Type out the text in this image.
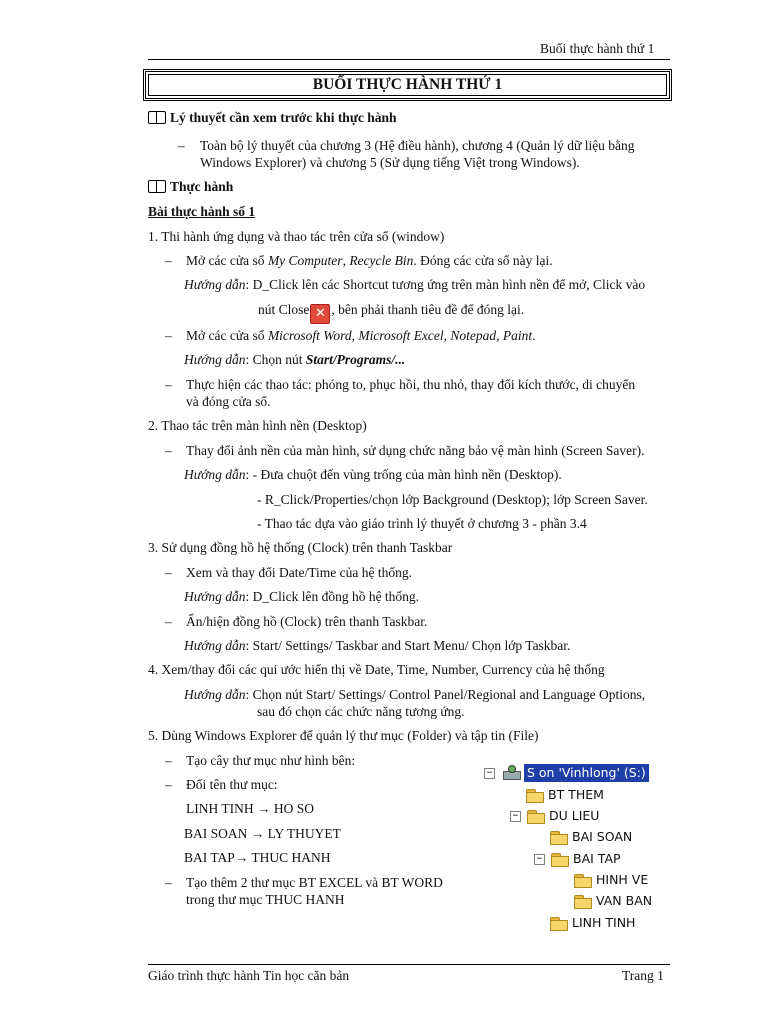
Buổi thực hành thứ 1
BUỔI THỰC HÀNH THỨ 1
Lý thuyết cần xem trước khi thực hành
– Toàn bộ lý thuyết của chương 3 (Hệ điều hành), chương 4 (Quản lý dữ liệu bằng
Windows Explorer) và chương 5 (Sử dụng tiếng Việt trong Windows).
Thực hành
Bài thực hành số 1
1. Thi hành ứng dụng và thao tác trên cửa sổ (window)
– Mở các cửa sổ My Computer, Recycle Bin. Đóng các cửa sổ này lại.
Hướng dẫn: D_Click lên các Shortcut tương ứng trên màn hình nền để mở, Click vào
nút Close ✕ , bên phải thanh tiêu đề để đóng lại.
– Mở các cửa sổ Microsoft Word, Microsoft Excel, Notepad, Paint.
Hướng dẫn: Chọn nút Start/Programs/...
– Thực hiện các thao tác: phóng to, phục hồi, thu nhỏ, thay đổi kích thước, di chuyển
và đóng cửa sổ.
2. Thao tác trên màn hình nền (Desktop)
– Thay đổi ảnh nền của màn hình, sử dụng chức năng bảo vệ màn hình (Screen Saver).
Hướng dẫn: - Đưa chuột đến vùng trống của màn hình nền (Desktop).
- R_Click/Properties/chọn lớp Background (Desktop); lớp Screen Saver.
- Thao tác dựa vào giáo trình lý thuyết ở chương 3 - phần 3.4
3. Sử dụng đồng hồ hệ thống (Clock) trên thanh Taskbar
– Xem và thay đổi Date/Time của hệ thống.
Hướng dẫn: D_Click lên đồng hồ hệ thống.
– Ẩn/hiện đồng hồ (Clock) trên thanh Taskbar.
Hướng dẫn: Start/ Settings/ Taskbar and Start Menu/ Chọn lớp Taskbar.
4. Xem/thay đổi các qui ước hiển thị về Date, Time, Number, Currency của hệ thống
Hướng dẫn: Chọn nút Start/ Settings/ Control Panel/Regional and Language Options,
sau đó chọn các chức năng tương ứng.
5. Dùng Windows Explorer để quản lý thư mục (Folder) và tập tin (File)
– Tạo cây thư mục như hình bên:
– Đổi tên thư mục:
LINH TINH → HO SO
BAI SOAN → LY THUYET
BAI TAP→ THUC HANH
– Tạo thêm 2 thư mục BT EXCEL và BT WORD
trong thư mục THUC HANH
−	S on 'Vinhlong' (S:)
BT THEM
− DU LIEU
BAI SOAN
− BAI TAP
HINH VE
VAN BAN
LINH TINH
Giáo trình thực hành Tin học căn bản	Trang 1
